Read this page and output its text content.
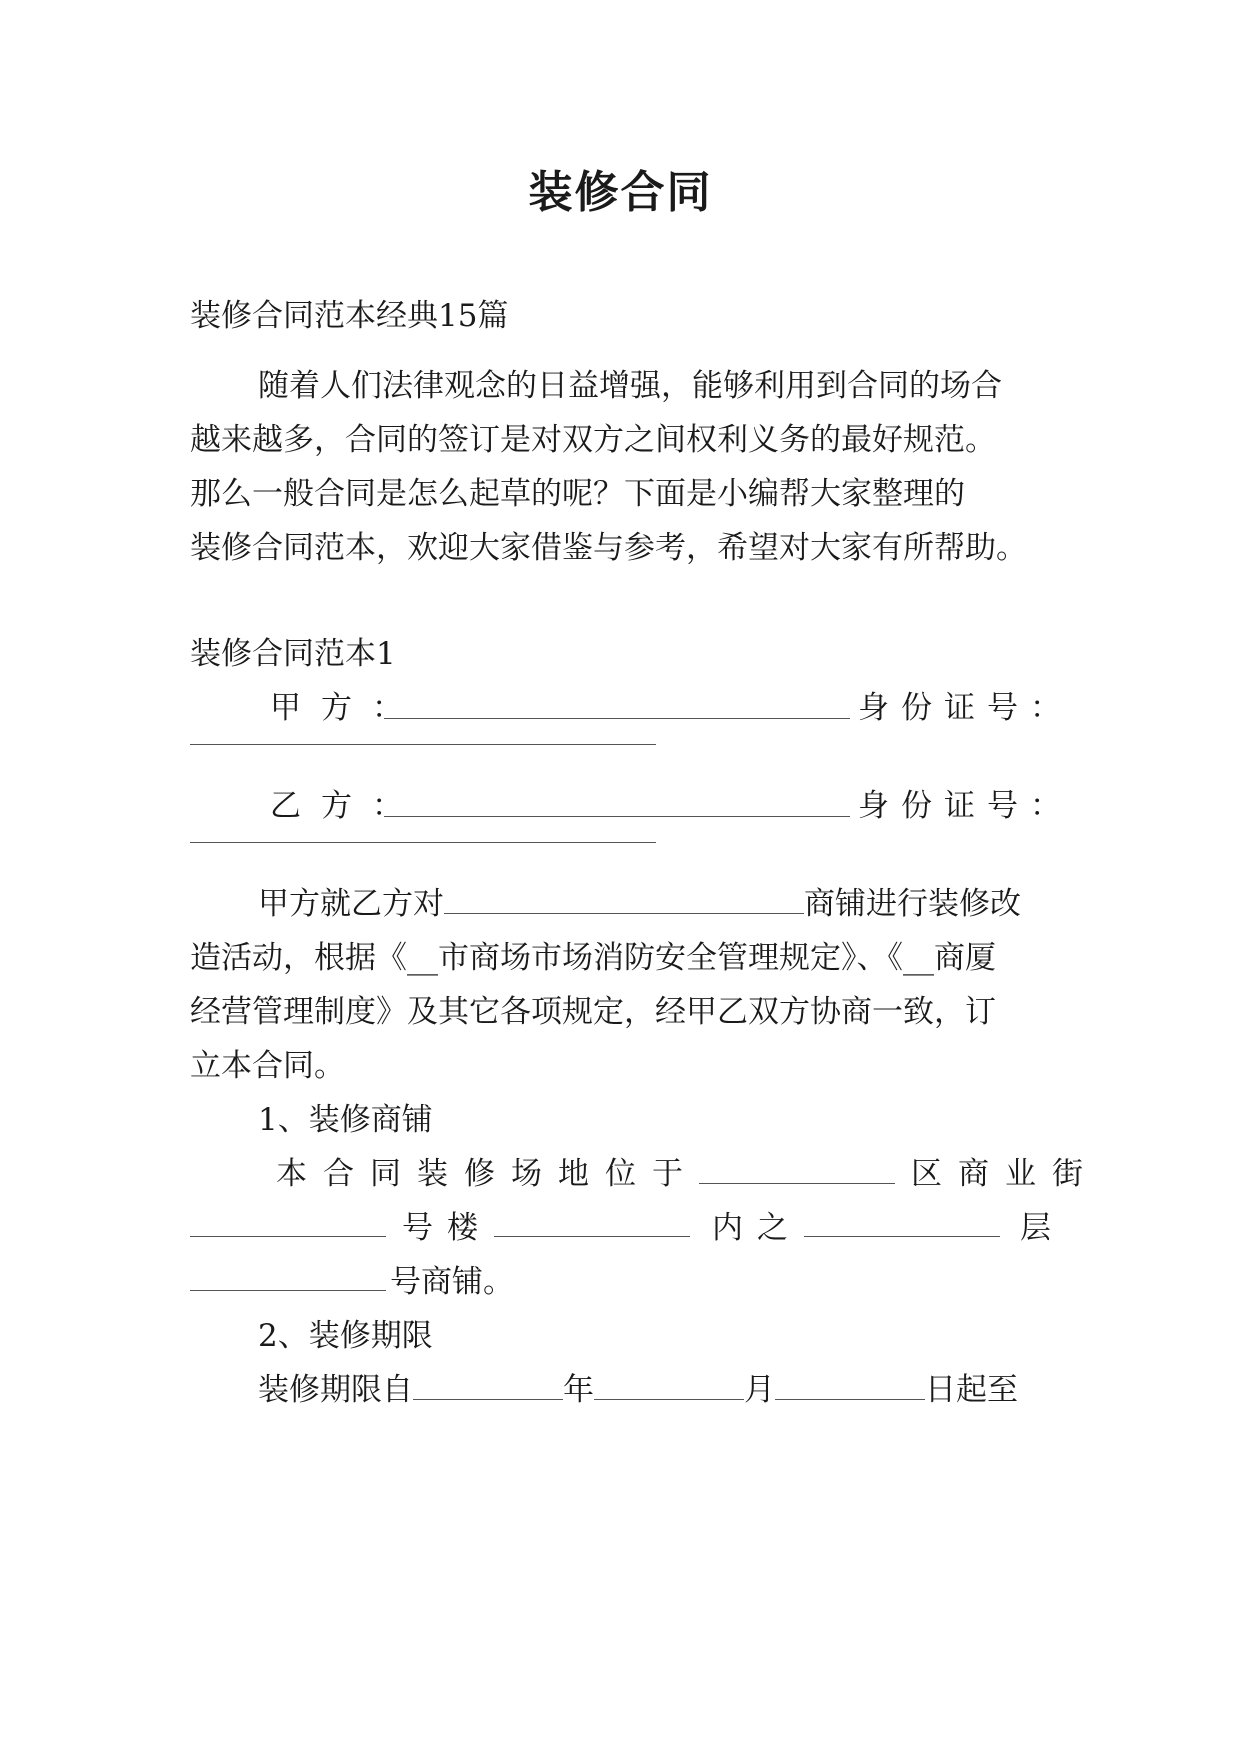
装修合同

装修合同范本经典15篇

随着人们法律观念的日益增强，能够利用到合同的场合

越来越多，合同的签订是对双方之间权利义务的最好规范。

那么一般合同是怎么起草的呢？下面是小编帮大家整理的

装修合同范本，欢迎大家借鉴与参考，希望对大家有所帮助。

装修合同范本1

甲方：	身份证号：

乙方：	身份证号：

甲方就乙方对	商铺进行装修改

造活动，根据《__市商场市场消防安全管理规定》、《__商厦

经营管理制度》及其它各项规定，经甲乙双方协商一致，订

立本合同。

1、装修商铺

本合同装修场地位于	区商业街

号楼	内之	层

号商铺。

2、装修期限

装修期限自	年	月	日起至
